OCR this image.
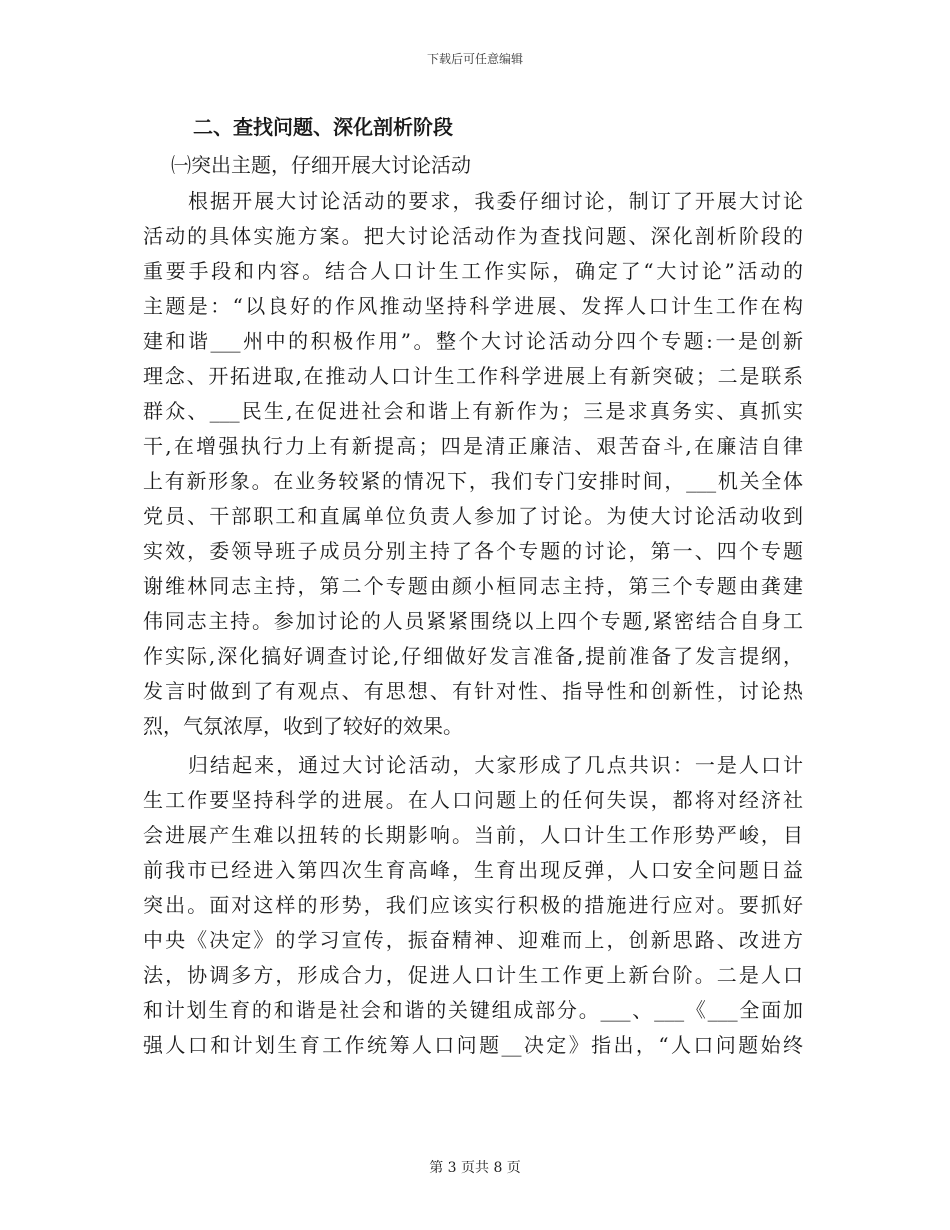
下载后可任意编辑
二、查找问题、深化剖析阶段
㈠突出主题，仔细开展大讨论活动
根据开展大讨论活动的要求，我委仔细讨论，制订了开展大讨论
活动的具体实施方案。把大讨论活动作为查找问题、深化剖析阶段的
重要手段和内容。结合人口计生工作实际，确定了“大讨论”活动的
主题是：“以良好的作风推动坚持科学进展、发挥人口计生工作在构
建和谐___州中的积极作用”。整个大讨论活动分四个专题:一是创新
理念、开拓进取,在推动人口计生工作科学进展上有新突破；二是联系
群众、___民生,在促进社会和谐上有新作为；三是求真务实、真抓实
干,在增强执行力上有新提高；四是清正廉洁、艰苦奋斗,在廉洁自律
上有新形象。在业务较紧的情况下，我们专门安排时间，___机关全体
党员、干部职工和直属单位负责人参加了讨论。为使大讨论活动收到
实效，委领导班子成员分别主持了各个专题的讨论，第一、四个专题
谢维林同志主持，第二个专题由颜小桓同志主持，第三个专题由龚建
伟同志主持。参加讨论的人员紧紧围绕以上四个专题,紧密结合自身工
作实际,深化搞好调查讨论,仔细做好发言准备,提前准备了发言提纲，
发言时做到了有观点、有思想、有针对性、指导性和创新性，讨论热
烈，气氛浓厚，收到了较好的效果。
归结起来，通过大讨论活动，大家形成了几点共识：一是人口计
生工作要坚持科学的进展。在人口问题上的任何失误，都将对经济社
会进展产生难以扭转的长期影响。当前，人口计生工作形势严峻，目
前我市已经进入第四次生育高峰，生育出现反弹，人口安全问题日益
突出。面对这样的形势，我们应该实行积极的措施进行应对。要抓好
中央《决定》的学习宣传，振奋精神、迎难而上，创新思路、改进方
法，协调多方，形成合力，促进人口计生工作更上新台阶。二是人口
和计划生育的和谐是社会和谐的关键组成部分。___、___《___全面加
强人口和计划生育工作统筹人口问题__决定》指出，“人口问题始终
第 3 页共 8 页
